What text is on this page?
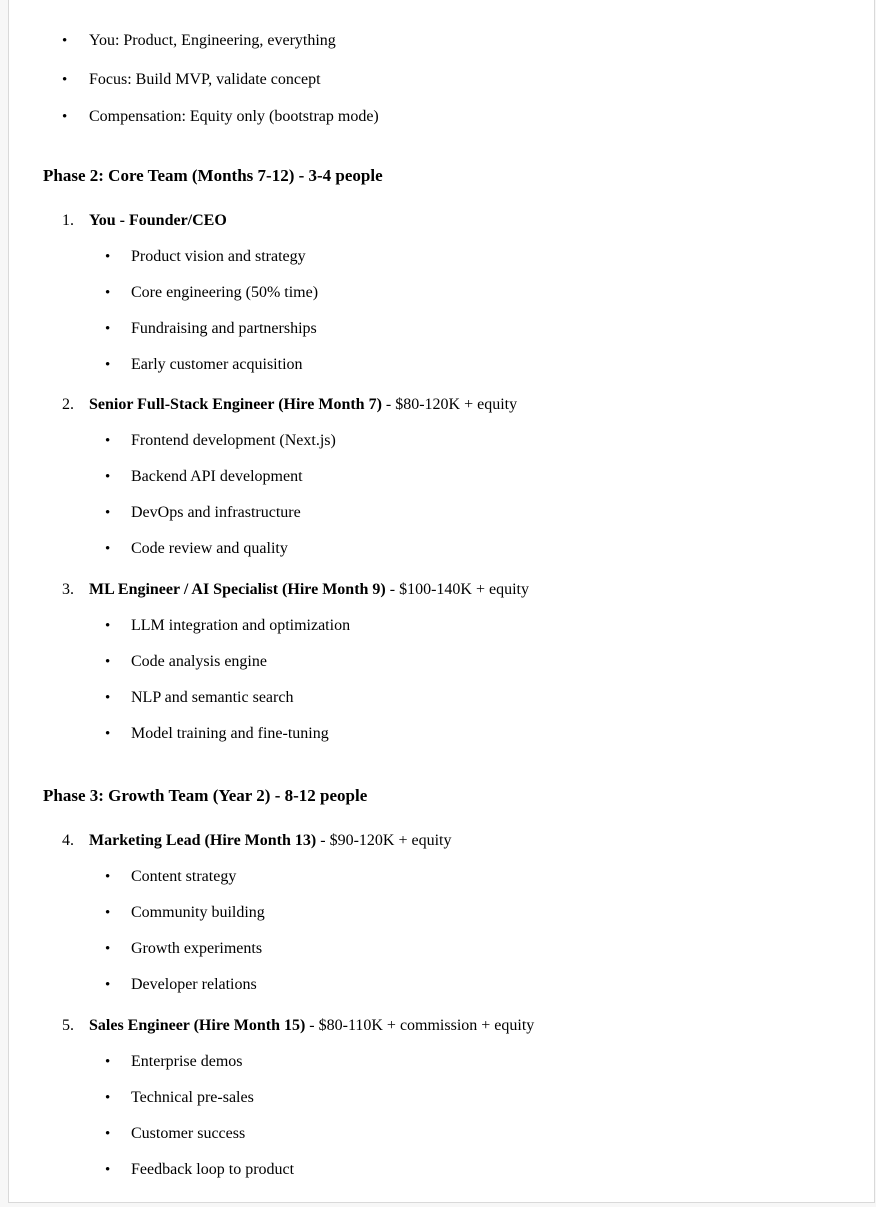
•	You: Product, Engineering, everything
•	Focus: Build MVP, validate concept
•	Compensation: Equity only (bootstrap mode)
Phase 2: Core Team (Months 7-12) - 3-4 people
1. You - Founder/CEO
•	Product vision and strategy
•	Core engineering (50% time)
•	Fundraising and partnerships
•	Early customer acquisition
2. Senior Full-Stack Engineer (Hire Month 7) - $80-120K + equity
•	Frontend development (Next.js)
•	Backend API development
•	DevOps and infrastructure
•	Code review and quality
3. ML Engineer / AI Specialist (Hire Month 9) - $100-140K + equity
•	LLM integration and optimization
•	Code analysis engine
•	NLP and semantic search
•	Model training and fine-tuning
Phase 3: Growth Team (Year 2) - 8-12 people
4. Marketing Lead (Hire Month 13) - $90-120K + equity
•	Content strategy
•	Community building
•	Growth experiments
•	Developer relations
5. Sales Engineer (Hire Month 15) - $80-110K + commission + equity
•	Enterprise demos
•	Technical pre-sales
•	Customer success
•	Feedback loop to product
